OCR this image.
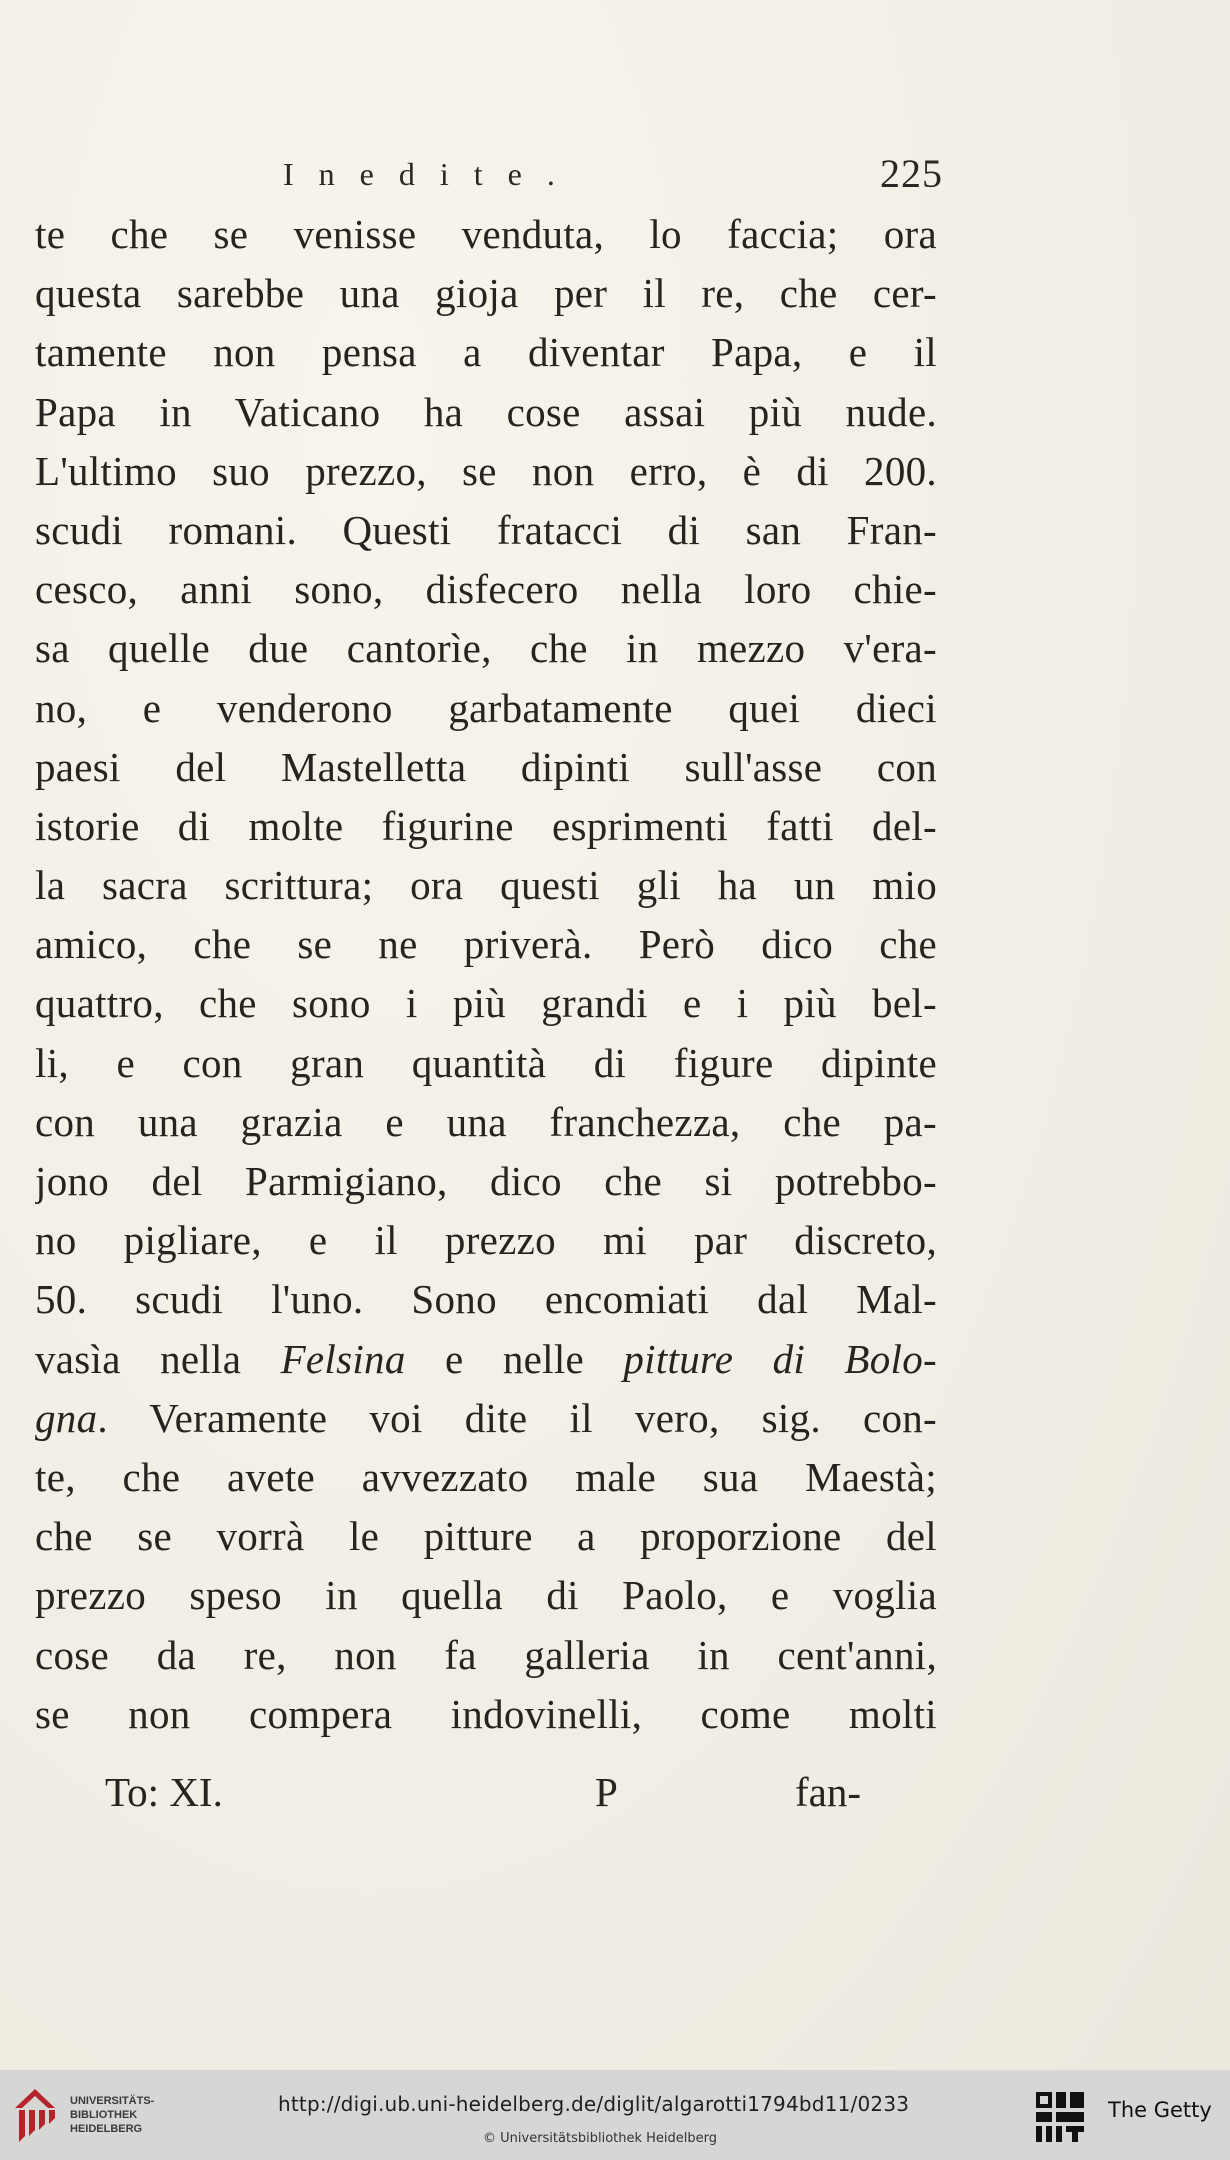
Inedite.	225
te che se venisse venduta, lo faccia; ora
questa sarebbe una gioja per il re, che cer-
tamente non pensa a diventar Papa, e il
Papa in Vaticano ha cose assai più nude.
L'ultimo suo prezzo, se non erro, è di 200.
scudi romani. Questi fratacci di san Fran-
cesco, anni sono, disfecero nella loro chie-
sa quelle due cantorìe, che in mezzo v'era-
no, e venderono garbatamente quei dieci
paesi del Mastelletta dipinti sull'asse con
istorie di molte figurine esprimenti fatti del-
la sacra scrittura; ora questi gli ha un mio
amico, che se ne priverà. Però dico che
quattro, che sono i più grandi e i più bel-
li, e con gran quantità di figure dipinte
con una grazia e una franchezza, che pa-
jono del Parmigiano, dico che si potrebbo-
no pigliare, e il prezzo mi par discreto,
50. scudi l'uno. Sono encomiati dal Mal-
vasìa nella Felsina e nelle pitture di Bolo-
gna. Veramente voi dite il vero, sig. con-
te, che avete avvezzato male sua Maestà;
che se vorrà le pitture a proporzione del
prezzo speso in quella di Paolo, e voglia
cose da re, non fa galleria in cent'anni,
se non compera indovinelli, come molti
To: XI.	P	fan-
UNIVERSITÄTS-
BIBLIOTHEK
HEIDELBERG
http://digi.ub.uni-heidelberg.de/diglit/algarotti1794bd11/0233
© Universitätsbibliothek Heidelberg
The Getty
